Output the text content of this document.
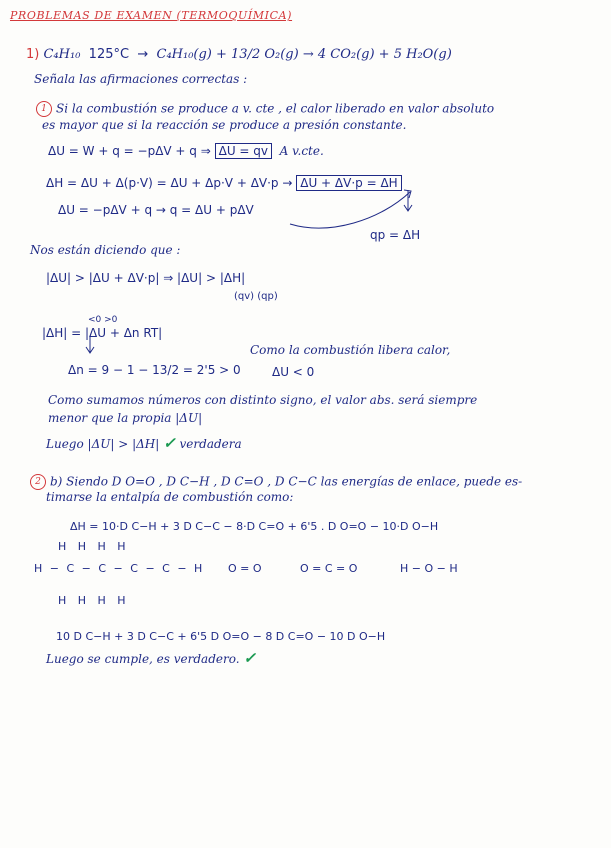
PROBLEMAS DE EXAMEN (TERMOQUÍMICA)
1) C₄H₁₀ 125°C → C₄H₁₀(g) + 13/2 O₂(g) → 4 CO₂(g) + 5 H₂O(g)
Señala las afirmaciones correctas :
1 Si la combustión se produce a v. cte , el calor liberado en valor absoluto
es mayor que si la reacción se produce a presión constante.
ΔU = W + q = −pΔV + q ⇒ ΔU = qv A v.cte.
ΔH = ΔU + Δ(p·V) = ΔU + Δp·V + ΔV·p → ΔU + ΔV·p = ΔH
ΔU = −pΔV + q → q = ΔU + pΔV
qp = ΔH
Nos están diciendo que :
|ΔU| > |ΔU + ΔV·p| ⇒ |ΔU| > |ΔH|
(qv) (qp)
<0 >0
|ΔH| = |ΔU + Δn RT|
Como la combustión libera calor,
Δn = 9 − 1 − 13/2 = 2'5 > 0	ΔU < 0
Como sumamos números con distinto signo, el valor abs. será siempre
menor que la propia |ΔU|
Luego |ΔU| > |ΔH| ✓ verdadera
2 b) Siendo D O=O , D C−H , D C=O , D C−C las energías de enlace, puede es-
timarse la entalpía de combustión como:
ΔH = 10·D C−H + 3 D C−C − 8·D C=O + 6'5 . D O=O − 10·D O−H
H H H H
H − C − C − C − C − H
H H H H
O = O	O = C = O	H − O − H
10 D C−H + 3 D C−C + 6'5 D O=O − 8 D C=O − 10 D O−H
Luego se cumple, es verdadero. ✓
